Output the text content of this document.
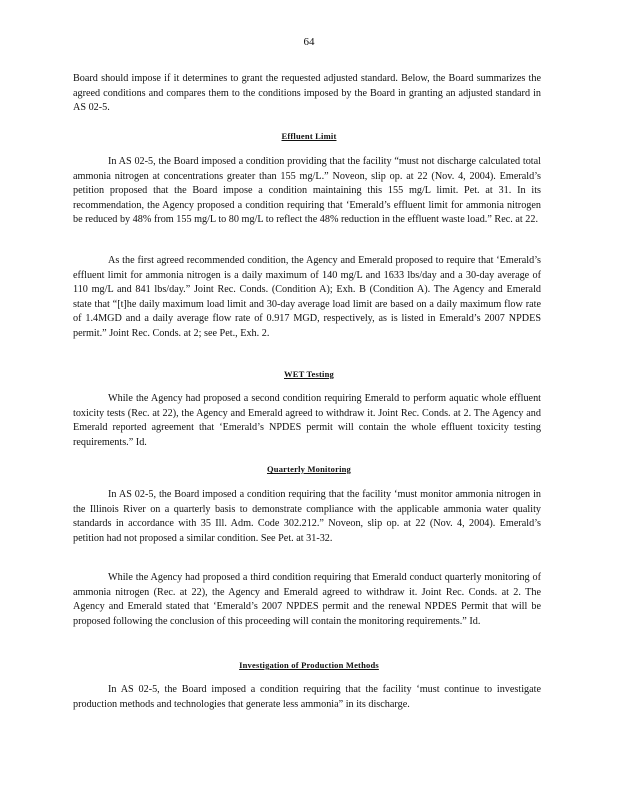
64

Board should impose if it determines to grant the requested adjusted standard. Below, the Board summarizes the agreed conditions and compares them to the conditions imposed by the Board in granting an adjusted standard in AS 02-5.

Effluent Limit

In AS 02-5, the Board imposed a condition providing that the facility “must not discharge calculated total ammonia nitrogen at concentrations greater than 155 mg/L.” Noveon, slip op. at 22 (Nov. 4, 2004). Emerald’s petition proposed that the Board impose a condition maintaining this 155 mg/L limit. Pet. at 31. In its recommendation, the Agency proposed a condition requiring that ‘Emerald’s effluent limit for ammonia nitrogen be reduced by 48% from 155 mg/L to 80 mg/L to reflect the 48% reduction in the effluent waste load.” Rec. at 22.

As the first agreed recommended condition, the Agency and Emerald proposed to require that ‘Emerald’s effluent limit for ammonia nitrogen is a daily maximum of 140 mg/L and 1633 lbs/day and a 30-day average of 110 mg/L and 841 lbs/day.” Joint Rec. Conds. (Condition A); Exh. B (Condition A). The Agency and Emerald state that “[t]he daily maximum load limit and 30-day average load limit are based on a daily maximum flow rate of 1.4MGD and a daily average flow rate of 0.917 MGD, respectively, as is listed in Emerald’s 2007 NPDES permit.” Joint Rec. Conds. at 2; see Pet., Exh. 2.

WET Testing

While the Agency had proposed a second condition requiring Emerald to perform aquatic whole effluent toxicity tests (Rec. at 22), the Agency and Emerald agreed to withdraw it. Joint Rec. Conds. at 2. The Agency and Emerald reported agreement that ‘Emerald’s NPDES permit will contain the whole effluent toxicity testing requirements.” Id.

Quarterly Monitoring

In AS 02-5, the Board imposed a condition requiring that the facility ‘must monitor ammonia nitrogen in the Illinois River on a quarterly basis to demonstrate compliance with the applicable ammonia water quality standards in accordance with 35 Ill. Adm. Code 302.212.” Noveon, slip op. at 22 (Nov. 4, 2004). Emerald’s petition had not proposed a similar condition. See Pet. at 31-32.

While the Agency had proposed a third condition requiring that Emerald conduct quarterly monitoring of ammonia nitrogen (Rec. at 22), the Agency and Emerald agreed to withdraw it. Joint Rec. Conds. at 2. The Agency and Emerald stated that ‘Emerald’s 2007 NPDES permit and the renewal NPDES Permit that will be proposed following the conclusion of this proceeding will contain the monitoring requirements.” Id.

Investigation of Production Methods

In AS 02-5, the Board imposed a condition requiring that the facility ‘must continue to investigate production methods and technologies that generate less ammonia” in its discharge.
